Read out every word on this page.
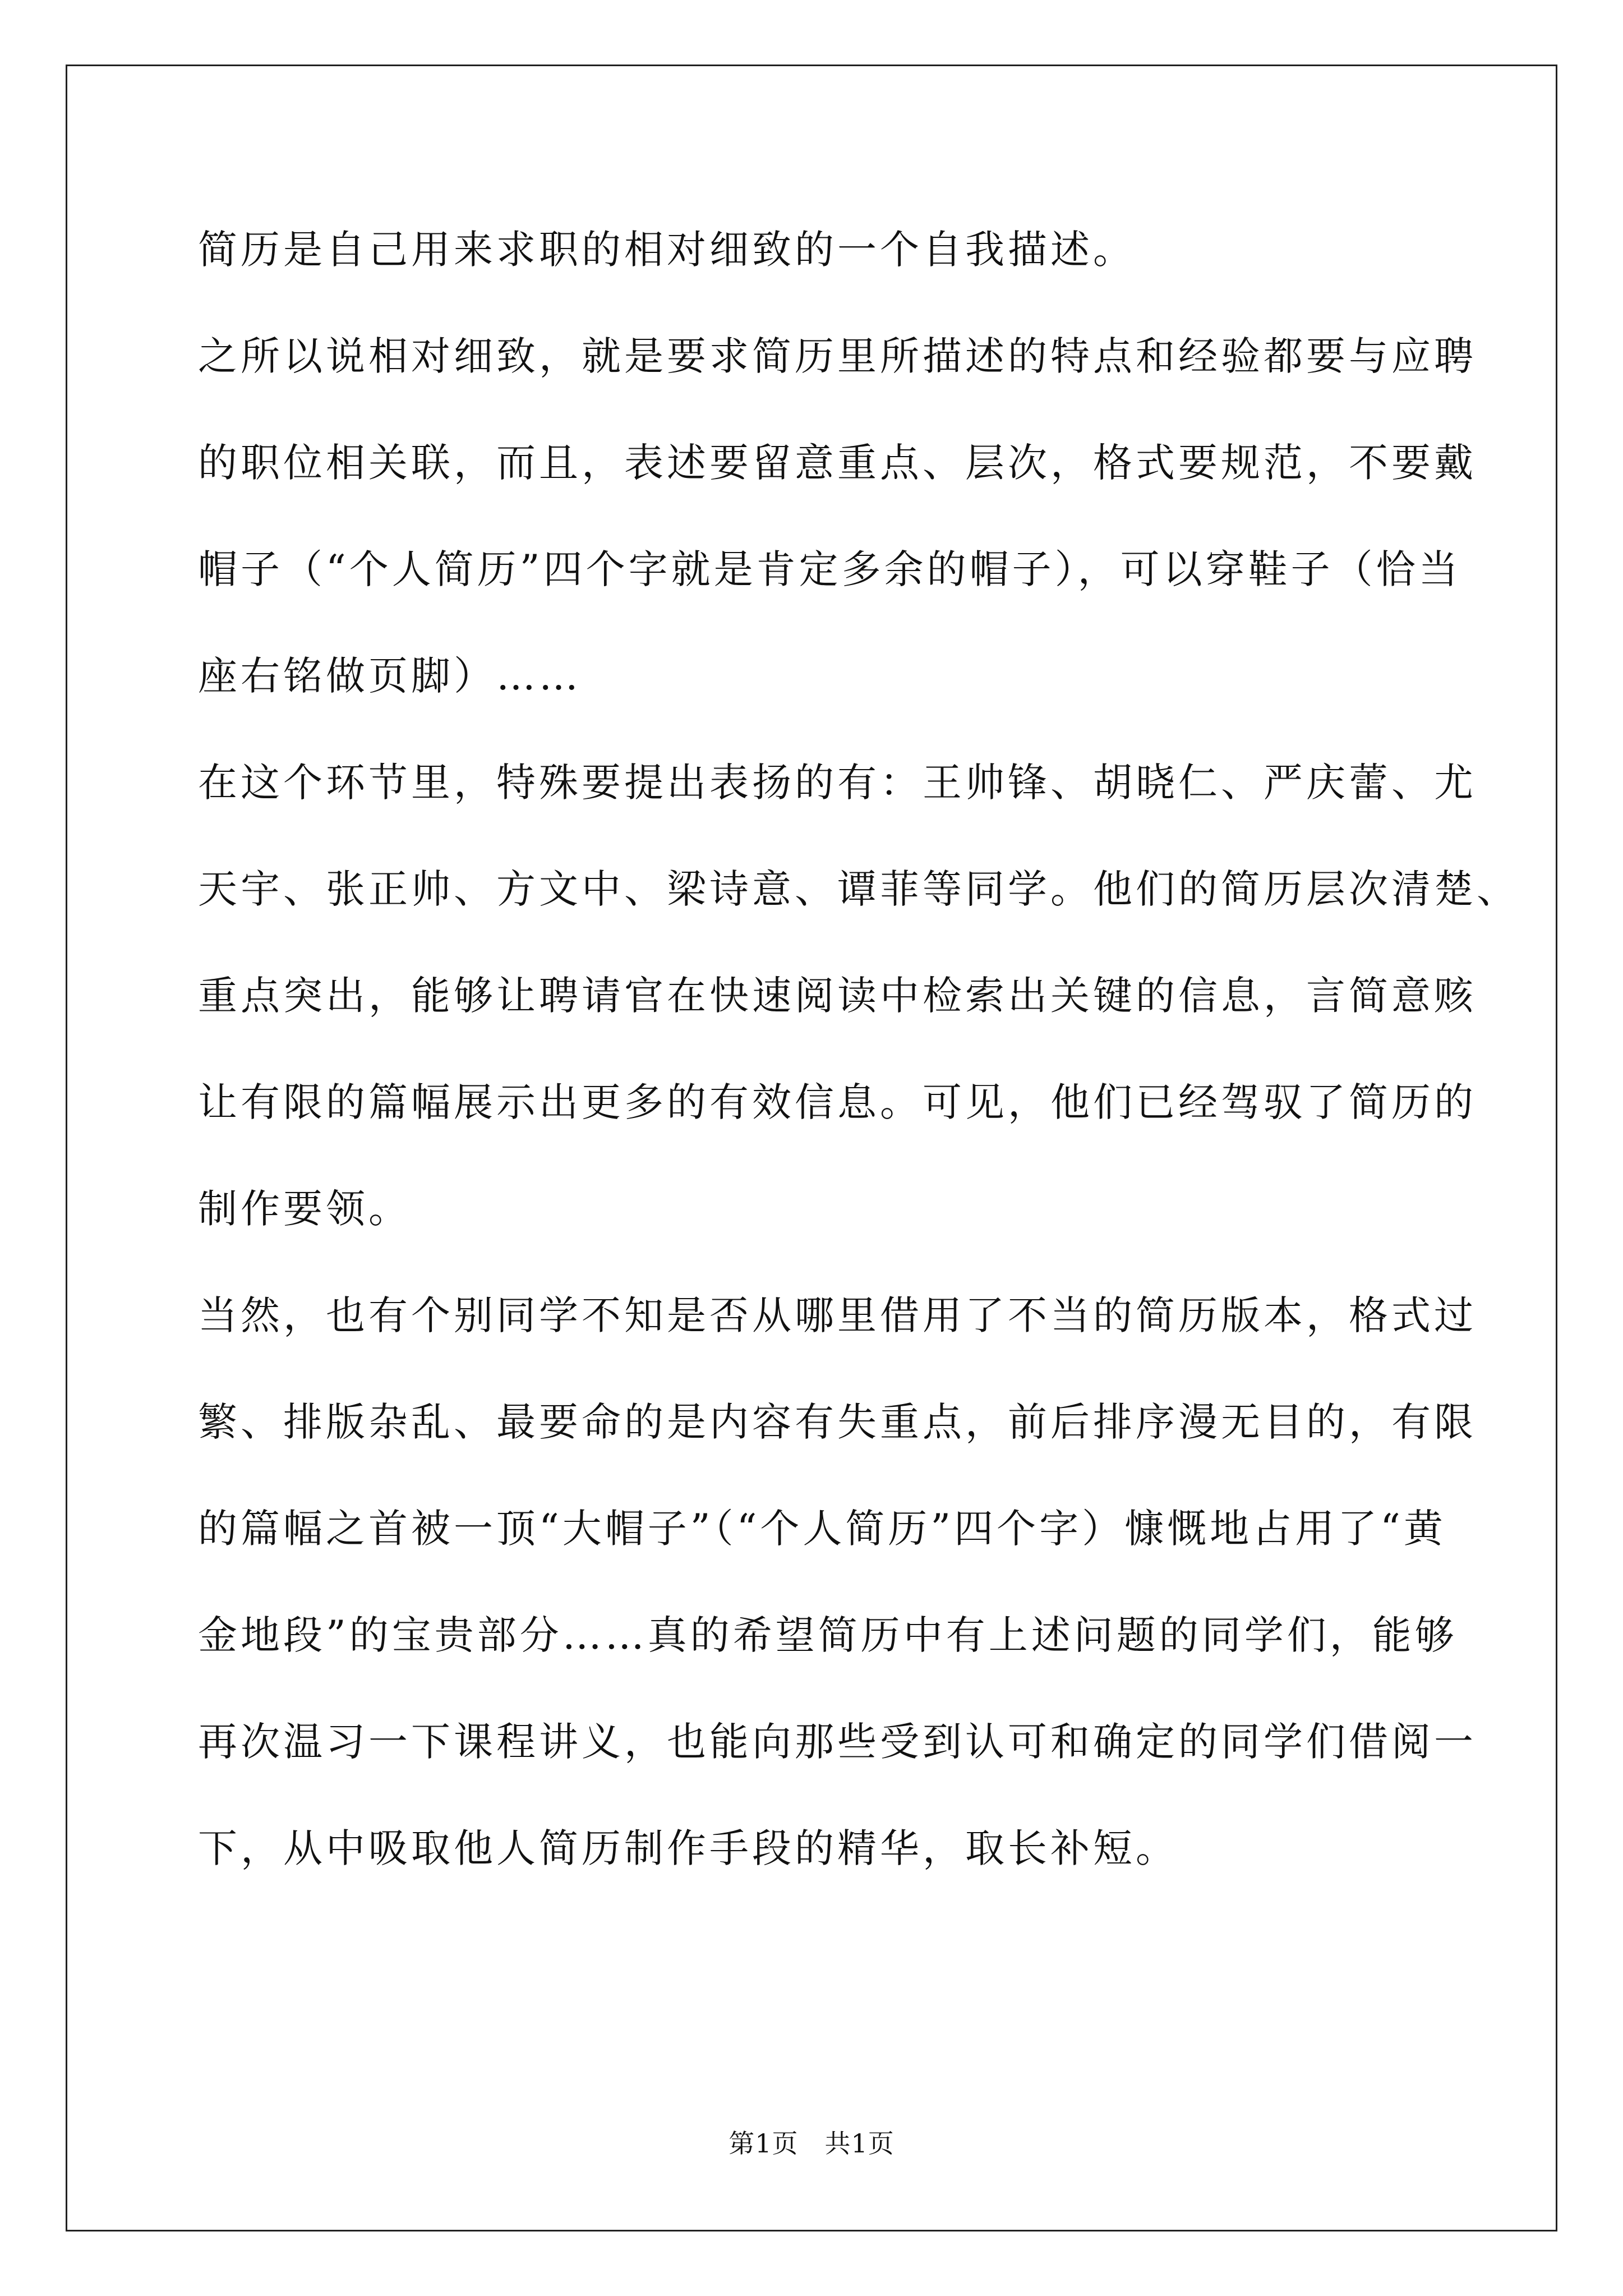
简历是自己用来求职的相对细致的一个自我描述。
之所以说相对细致，就是要求简历里所描述的特点和经验都要与应聘
的职位相关联，而且，表述要留意重点、层次，格式要规范，不要戴
帽子（“个人简历”四个字就是肯定多余的帽子），可以穿鞋子（恰当
座右铭做页脚）……
在这个环节里，特殊要提出表扬的有：王帅锋、胡晓仁、严庆蕾、尤
天宇、张正帅、方文中、梁诗意、谭菲等同学。他们的简历层次清楚、
重点突出，能够让聘请官在快速阅读中检索出关键的信息，言简意赅
让有限的篇幅展示出更多的有效信息。可见，他们已经驾驭了简历的
制作要领。
当然，也有个别同学不知是否从哪里借用了不当的简历版本，格式过
繁、排版杂乱、最要命的是内容有失重点，前后排序漫无目的，有限
的篇幅之首被一顶“大帽子”（“个人简历”四个字）慷慨地占用了“黄
金地段”的宝贵部分……真的希望简历中有上述问题的同学们，能够
再次温习一下课程讲义，也能向那些受到认可和确定的同学们借阅一
下，从中吸取他人简历制作手段的精华，取长补短。
第1页　共1页
